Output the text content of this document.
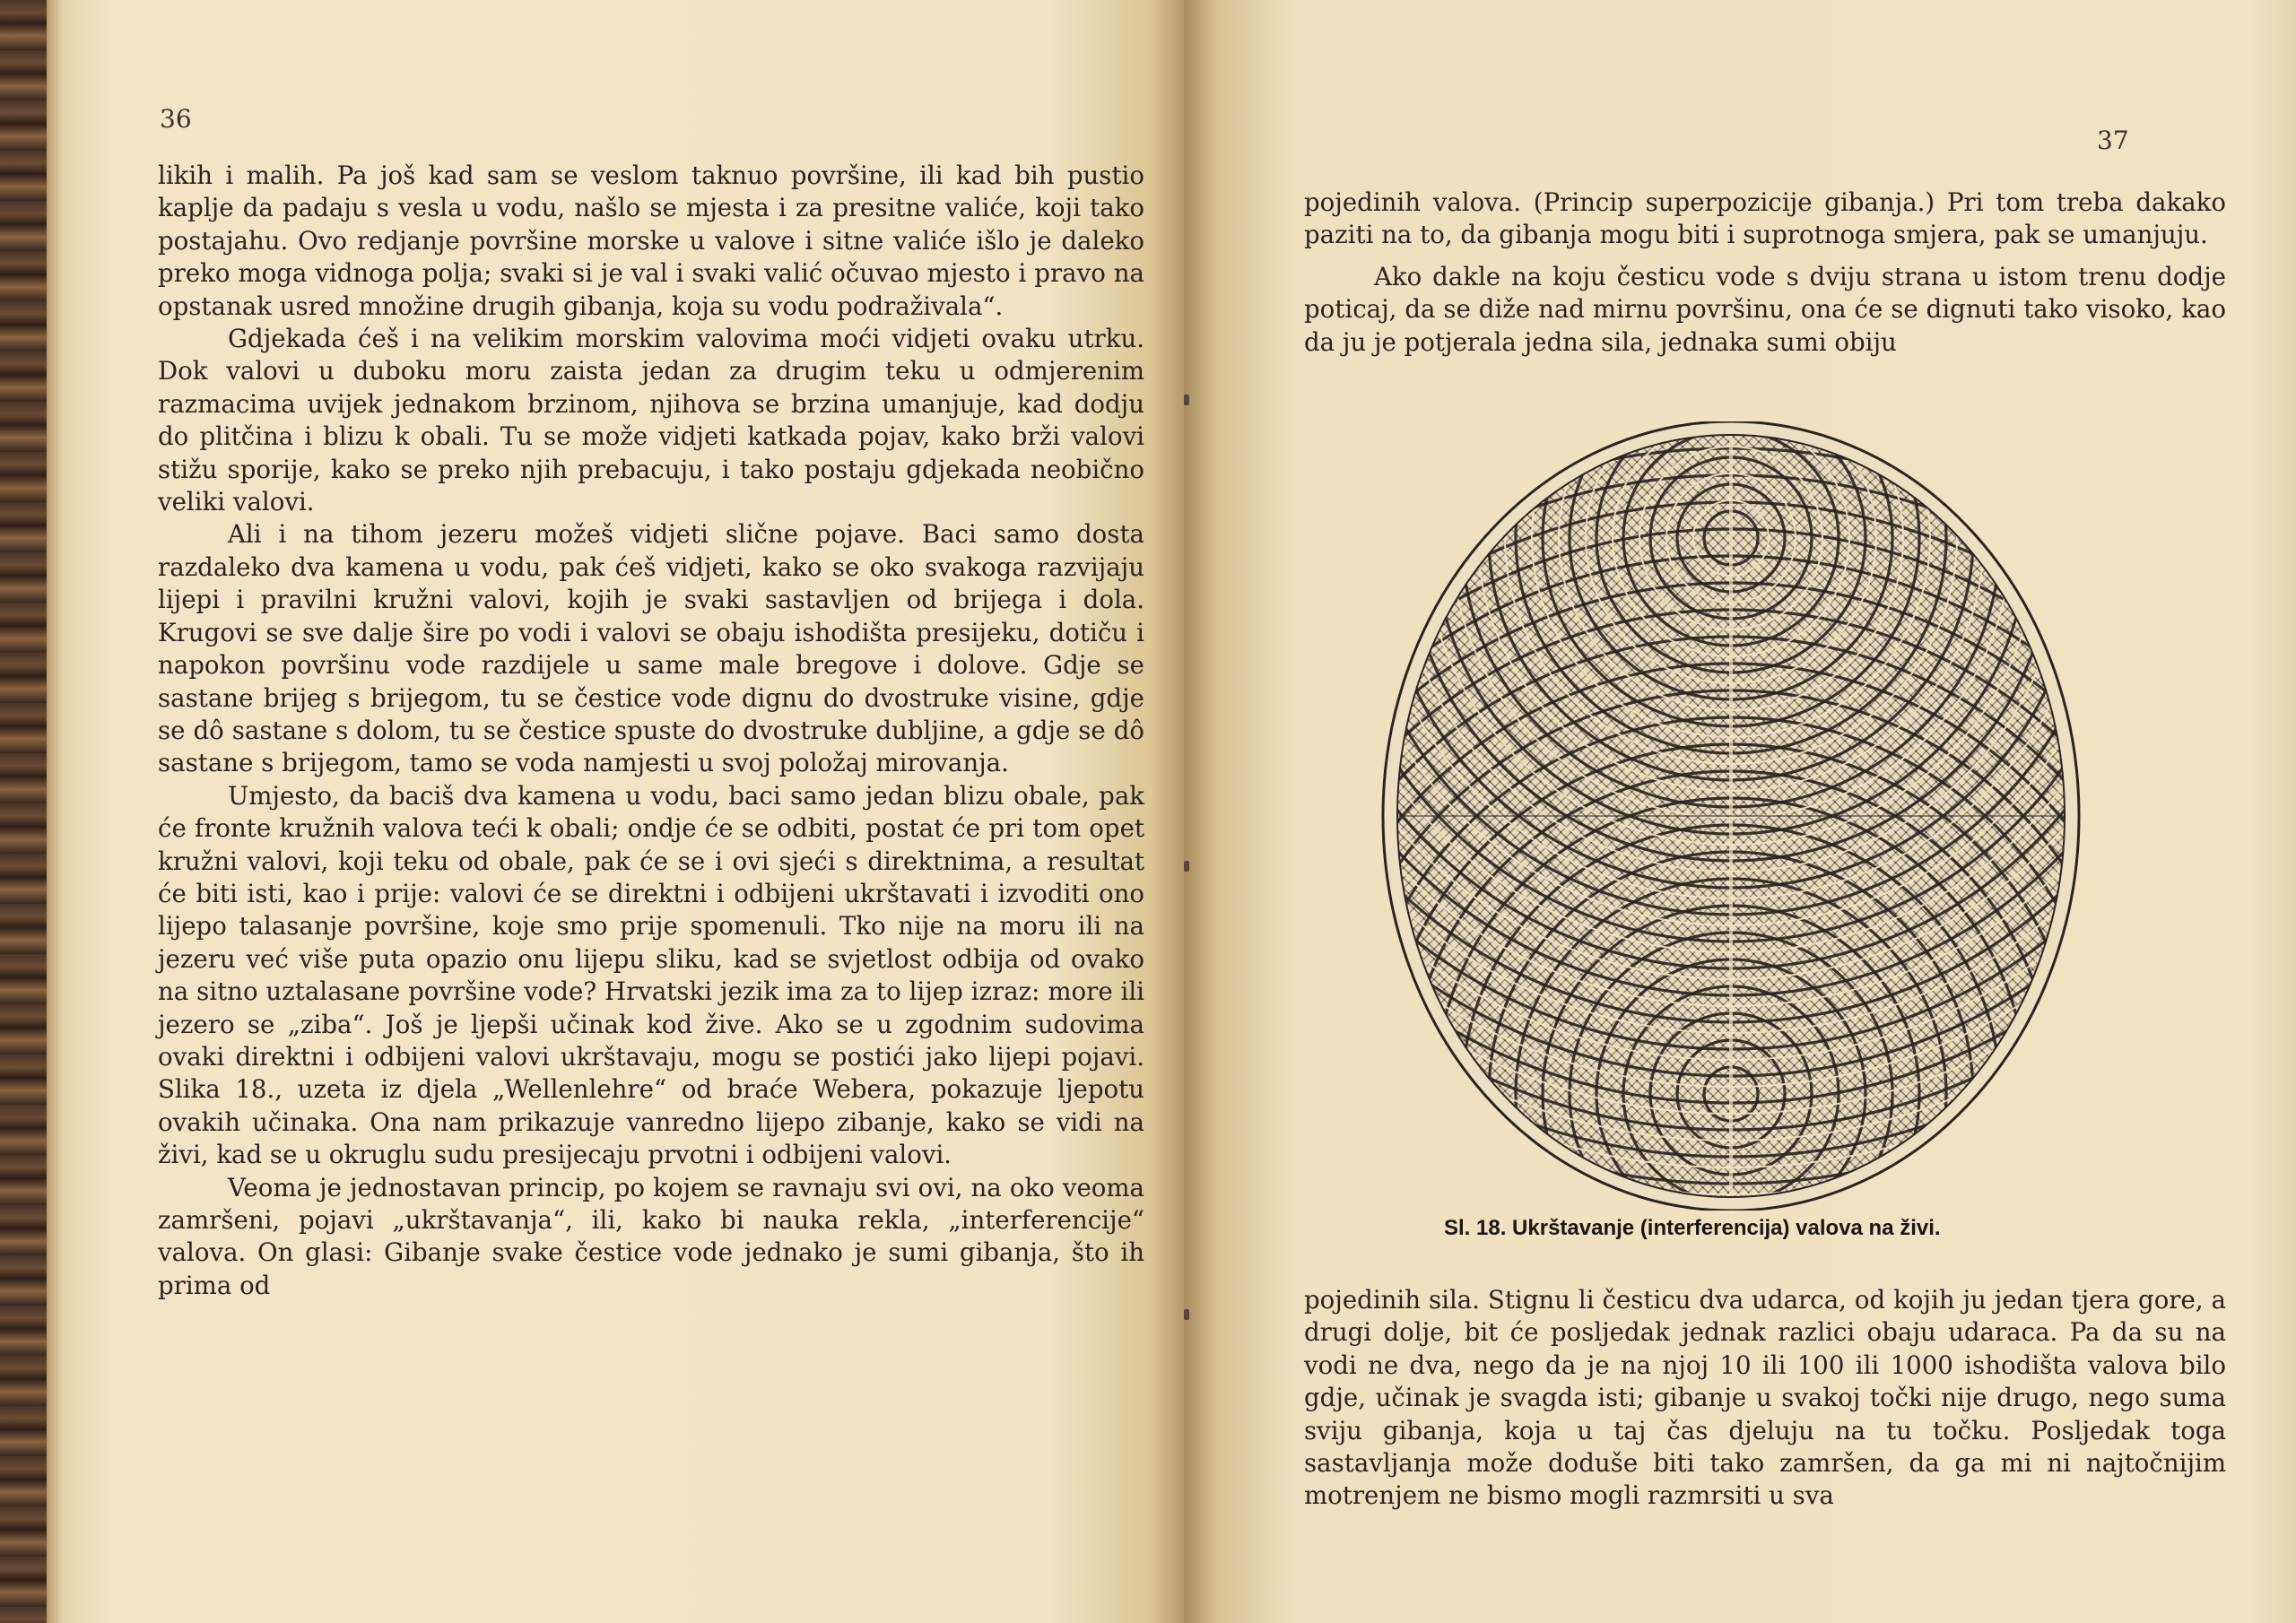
36

likih i malih. Pa još kad sam se veslom taknuo površine, ili kad bih pustio kaplje da padaju s vesla u vodu, našlo se mjesta i za presitne valiće, koji tako postajahu. Ovo redjanje površine morske u valove i sitne valiće išlo je daleko preko moga vidnoga polja; svaki si je val i svaki valić očuvao mjesto i pravo na opstanak usred množine drugih gibanja, koja su vodu podraživala“.

Gdjekada ćeš i na velikim morskim valovima moći vidjeti ovaku utrku. Dok valovi u duboku moru zaista jedan za drugim teku u odmjerenim razmacima uvijek jednakom brzinom, njihova se brzina umanjuje, kad dodju do plitčina i blizu k obali. Tu se može vidjeti katkada pojav, kako brži valovi stižu sporije, kako se preko njih prebacuju, i tako postaju gdjekada neobično veliki valovi.

Ali i na tihom jezeru možeš vidjeti slične pojave. Baci samo dosta razdaleko dva kamena u vodu, pak ćeš vidjeti, kako se oko svakoga razvijaju lijepi i pravilni kružni valovi, kojih je svaki sastavljen od brijega i dola. Krugovi se sve dalje šire po vodi i valovi se obaju ishodišta presijeku, dotiču i napokon površinu vode razdijele u same male bregove i dolove. Gdje se sastane brijeg s brijegom, tu se čestice vode dignu do dvostruke visine, gdje se dô sastane s dolom, tu se čestice spuste do dvostruke dubljine, a gdje se dô sastane s brijegom, tamo se voda namjesti u svoj položaj mirovanja.

Umjesto, da baciš dva kamena u vodu, baci samo jedan blizu obale, pak će fronte kružnih valova teći k obali; ondje će se odbiti, postat će pri tom opet kružni valovi, koji teku od obale, pak će se i ovi sjeći s direktnima, a resultat će biti isti, kao i prije: valovi će se direktni i odbijeni ukrštavati i izvoditi ono lijepo talasanje površine, koje smo prije spomenuli. Tko nije na moru ili na jezeru već više puta opazio onu lijepu sliku, kad se svjetlost odbija od ovako na sitno uztalasane površine vode? Hrvatski jezik ima za to lijep izraz: more ili jezero se „ziba“. Još je ljepši učinak kod žive. Ako se u zgodnim sudovima ovaki direktni i odbijeni valovi ukrštavaju, mogu se postići jako lijepi pojavi. Slika 18., uzeta iz djela „Wellenlehre“ od braće Webera, pokazuje ljepotu ovakih učinaka. Ona nam prikazuje vanredno lijepo zibanje, kako se vidi na živi, kad se u okruglu sudu presijecaju prvotni i odbijeni valovi.

Veoma je jednostavan princip, po kojem se ravnaju svi ovi, na oko veoma zamršeni, pojavi „ukrštavanja“, ili, kako bi nauka rekla, „interferencije“ valova. On glasi: Gibanje svake čestice vode jednako je sumi gibanja, što ih prima od

37

pojedinih valova. (Princip superpozicije gibanja.) Pri tom treba dakako paziti na to, da gibanja mogu biti i suprotnoga smjera, pak se umanjuju.

Ako dakle na koju česticu vode s dviju strana u istom trenu dodje poticaj, da se diže nad mirnu površinu, ona će se dignuti tako visoko, kao da ju je potjerala jedna sila, jednaka sumi obiju

Sl. 18. Ukrštavanje (interferencija) valova na živi.

pojedinih sila. Stignu li česticu dva udarca, od kojih ju jedan tjera gore, a drugi dolje, bit će posljedak jednak razlici obaju udaraca. Pa da su na vodi ne dva, nego da je na njoj 10 ili 100 ili 1000 ishodišta valova bilo gdje, učinak je svagda isti; gibanje u svakoj točki nije drugo, nego suma sviju gibanja, koja u taj čas djeluju na tu točku. Posljedak toga sastavljanja može doduše biti tako zamršen, da ga mi ni najtočnijim motrenjem ne bismo mogli razmrsiti u sva
